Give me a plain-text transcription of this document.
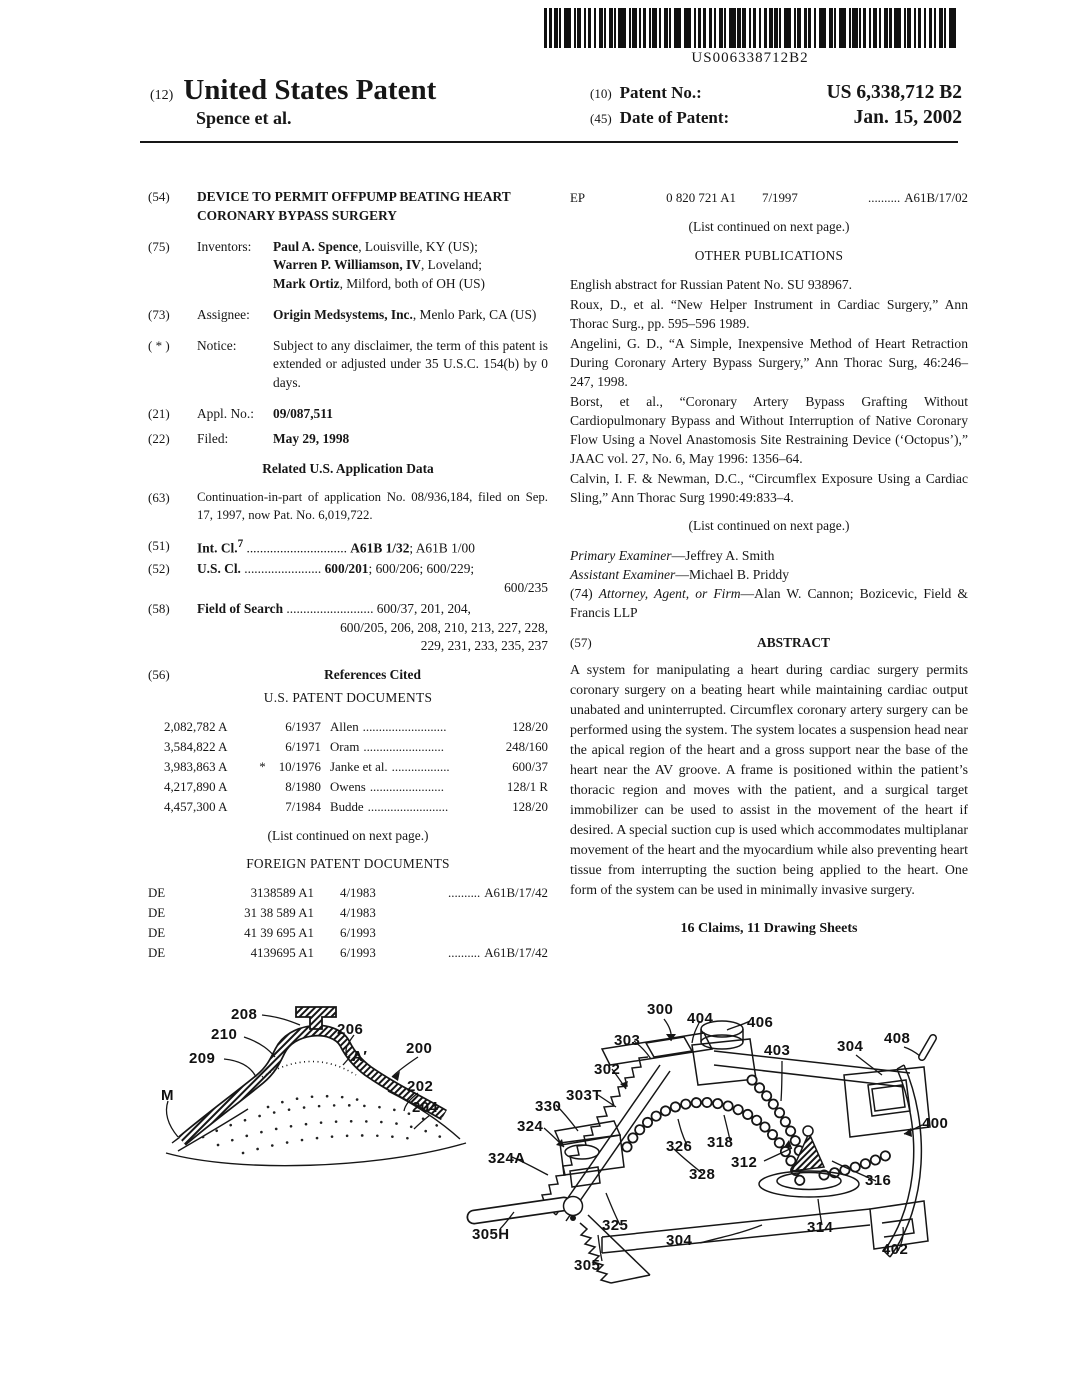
US006338712B2
(12) United States Patent
Spence et al.
(10) Patent No.:	US 6,338,712 B2
(45) Date of Patent:	Jan. 15, 2002
(54)	DEVICE TO PERMIT OFFPUMP BEATING HEART CORONARY BYPASS SURGERY
(75)	Inventors:	Paul A. Spence, Louisville, KY (US);
Warren P. Williamson, IV, Loveland;
Mark Ortiz, Milford, both of OH (US)
(73)	Assignee:	Origin Medsystems, Inc., Menlo Park, CA (US)
( * )	Notice:	Subject to any disclaimer, the term of this patent is extended or adjusted under 35 U.S.C. 154(b) by 0 days.
(21)	Appl. No.:	09/087,511
(22)	Filed:	May 29, 1998
Related U.S. Application Data
(63)	Continuation-in-part of application No. 08/936,184, filed on Sep. 17, 1997, now Pat. No. 6,019,722.
(51)	Int. Cl.$^7$ .............................. A61B 1/32; A61B 1/00
(52)	U.S. Cl. ....................... 600/201; 600/206; 600/229;
600/235
(58)	Field of Search .......................... 600/37, 201, 204,
600/205, 206, 208, 210, 213, 227, 228,
229, 231, 233, 235, 237
(56)	References Cited
U.S. PATENT DOCUMENTS
2,082,782 A	6/1937 Allen ..........................	128/20
3,584,822 A	6/1971 Oram .........................	248/160
3,983,863 A	*	10/1976 Janke et al. ..................	600/37
4,217,890 A	8/1980 Owens .......................	128/1 R
4,457,300 A	7/1984 Budde .........................	128/20
(List continued on next page.)
FOREIGN PATENT DOCUMENTS
DE	3138589 A1 4/1983	.......... A61B/17/42
DE	31 38 589 A1 4/1983
DE	41 39 695 A1 6/1993
DE	4139695 A1 6/1993	.......... A61B/17/42
EP	0 820 721 A1 7/1997	.......... A61B/17/02
(List continued on next page.)
OTHER PUBLICATIONS
English abstract for Russian Patent No. SU 938967.
Roux, D., et al. “New Helper Instrument in Cardiac Surgery,” Ann Thorac Surg., pp. 595–596 1989.
Angelini, G. D., “A Simple, Inexpensive Method of Heart Retraction During Coronary Artery Bypass Surgery,” Ann Thorac Surg, 46:246–247, 1998.
Borst, et al., “Coronary Artery Bypass Grafting Without Cardiopulmonary Bypass and Without Interruption of Native Coronary Flow Using a Novel Anastomosis Site Restraining Device (‘Octopus’),” JAAC vol. 27, No. 6, May 1996: 1356–64.
Calvin, I. F. & Newman, D.C., “Circumflex Exposure Using a Cardiac Sling,” Ann Thorac Surg 1990:49:833–4.
(List continued on next page.)
Primary Examiner—Jeffrey A. Smith
Assistant Examiner—Michael B. Priddy
(74) Attorney, Agent, or Firm—Alan W. Cannon; Bozicevic, Field & Francis LLP
(57)	ABSTRACT
A system for manipulating a heart during cardiac surgery permits coronary surgery on a beating heart while maintaining cardiac output unabated and uninterrupted. Circumflex coronary artery surgery can be performed using the system. The system locates a suspension head near the apical region of the heart and a gross support near the base of the heart near the AV groove. A frame is positioned within the patient’s thoracic region and moves with the patient, and a surgical target immobilizer can be used to assist in the movement of the heart if desired. A special suction cup is used which accommodates multiplanar movement of the heart and the myocardium while also preventing heart tissue from interrupting the suction being applied to the heart. One form of the system can be used in minimally invasive surgery.
16 Claims, 11 Drawing Sheets
208
210
209
M
206
A′	200
202
204
300
404 406
303
302
303T
330
324
324A
403	304 408
400
326 318
312
328	316
305H
325
305
304
314
402
